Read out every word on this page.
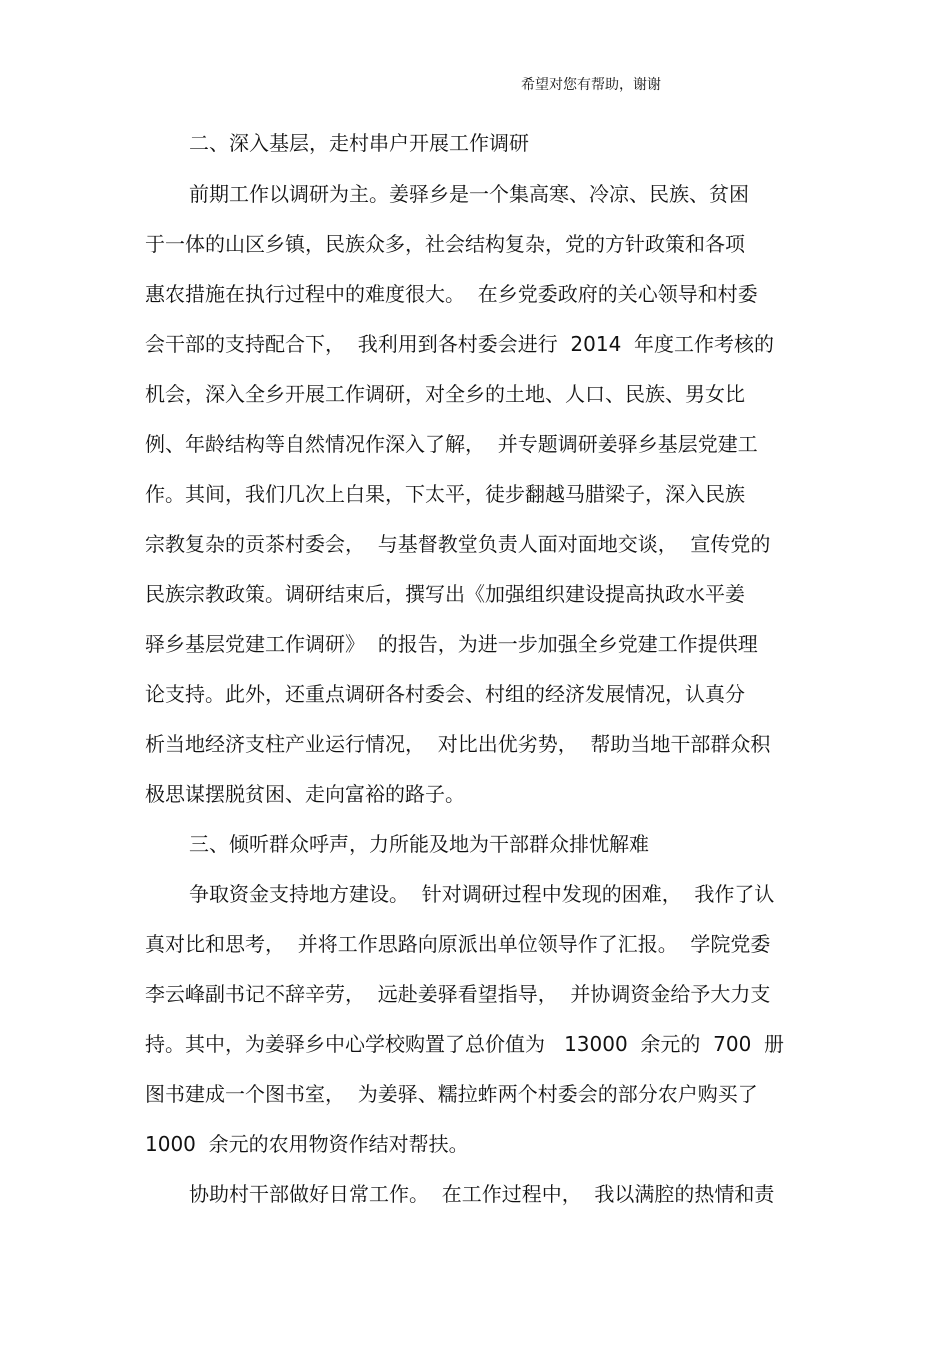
希望对您有帮助，谢谢
二、深入基层，走村串户开展工作调研
前期工作以调研为主。姜驿乡是一个集高寒、冷凉、民族、贫困
于一体的山区乡镇，民族众多，社会结构复杂，党的方针政策和各项
惠农措施在执行过程中的难度很大。  在乡党委政府的关心领导和村委
会干部的支持配合下，  我利用到各村委会进行  2014  年度工作考核的
机会，深入全乡开展工作调研，对全乡的土地、人口、民族、男女比
例、年龄结构等自然情况作深入了解，  并专题调研姜驿乡基层党建工
作。其间，我们几次上白果，下太平，徒步翻越马腊梁子，深入民族
宗教复杂的贡茶村委会，  与基督教堂负责人面对面地交谈，  宣传党的
民族宗教政策。调研结束后，撰写出《加强组织建设提高执政水平姜
驿乡基层党建工作调研》  的报告，为进一步加强全乡党建工作提供理
论支持。此外，还重点调研各村委会、村组的经济发展情况，认真分
析当地经济支柱产业运行情况，  对比出优劣势，  帮助当地干部群众积
极思谋摆脱贫困、走向富裕的路子。
三、倾听群众呼声，力所能及地为干部群众排忧解难
争取资金支持地方建设。  针对调研过程中发现的困难，  我作了认
真对比和思考，  并将工作思路向原派出单位领导作了汇报。  学院党委
李云峰副书记不辞辛劳，  远赴姜驿看望指导，  并协调资金给予大力支
持。其中，为姜驿乡中心学校购置了总价值为   13000  余元的  700  册
图书建成一个图书室，  为姜驿、糯拉蚱两个村委会的部分农户购买了
1000  余元的农用物资作结对帮扶。
协助村干部做好日常工作。  在工作过程中，  我以满腔的热情和责
